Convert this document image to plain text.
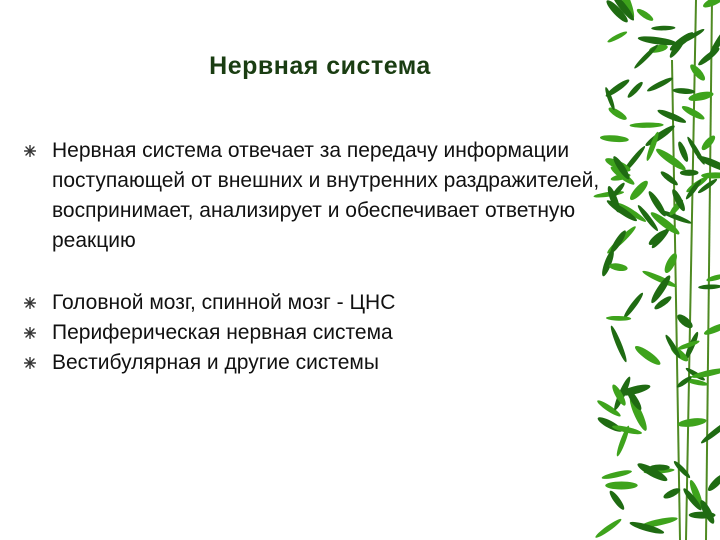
Нервная система
Нервная система отвечает за передачу информации поступающей от внешних и внутренних раздражителей, воспринимает, анализирует и обеспечивает ответную реакцию
Головной мозг, спинной мозг - ЦНС
Периферическая нервная система
Вестибулярная и другие системы
